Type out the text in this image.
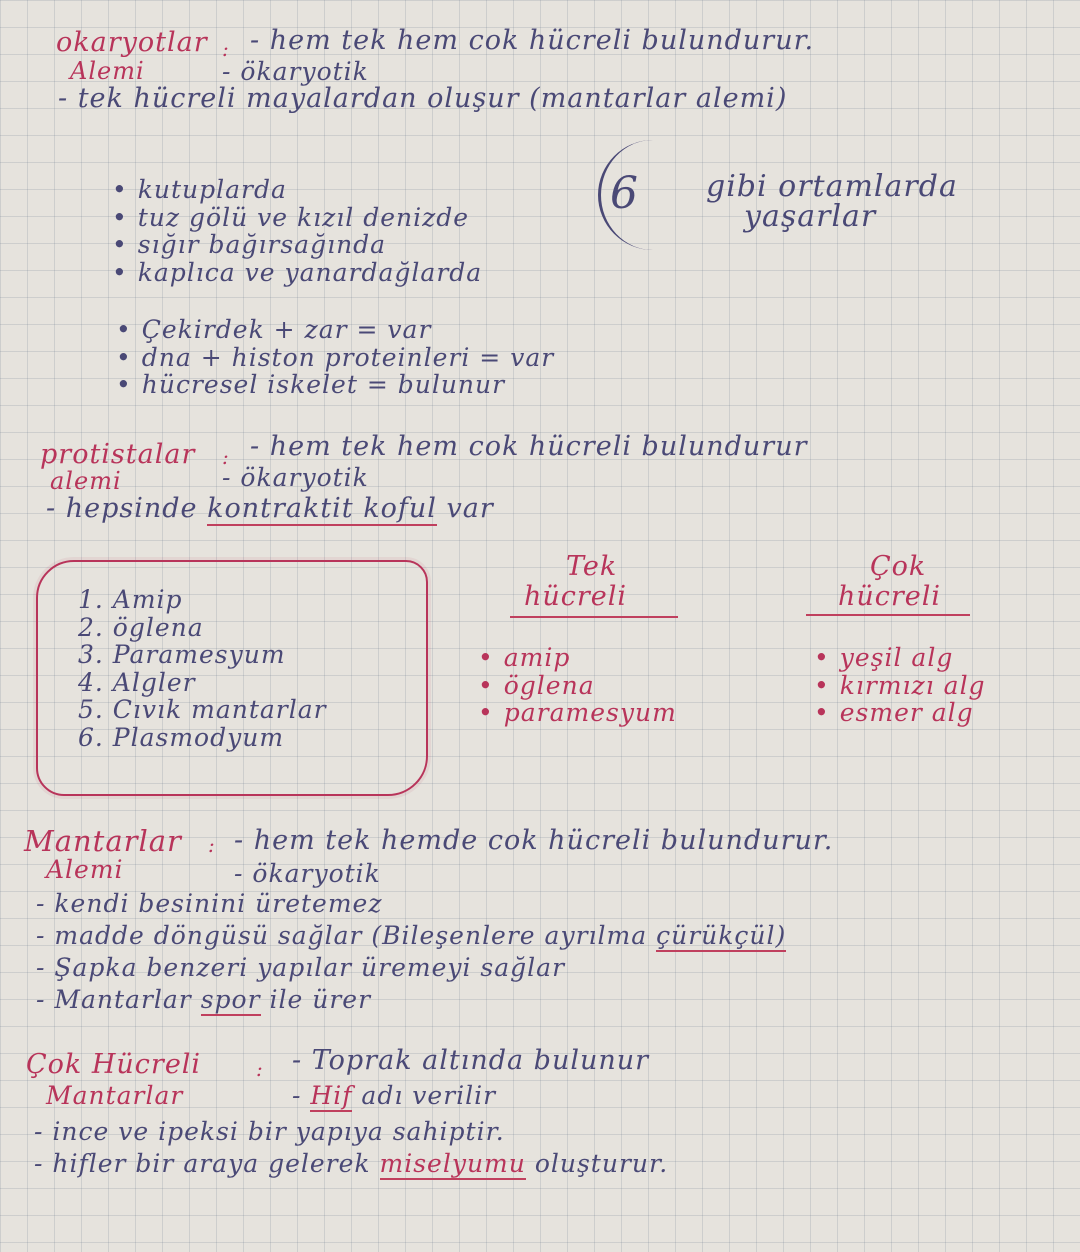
okaryotlar
Alemi
: - hem tek hem cok hücreli bulundurur.
- ökaryotik
- tek hücreli mayalardan oluşur (mantarlar alemi)
• kutuplarda
• tuz gölü ve kızıl denizde
• sığır bağırsağında
• kaplıca ve yanardağlarda
6 gibi ortamlarda
yaşarlar
• Çekirdek + zar = var
• dna + histon proteinleri = var
• hücresel iskelet = bulunur
protistalar
alemi
: - hem tek hem cok hücreli bulundurur
- ökaryotik
- hepsinde kontraktit koful var
1. Amip
2. öglena
3. Paramesyum
4. Algler
5. Cıvık mantarlar
6. Plasmodyum
Tek
hücreli
• amip
• öglena
• paramesyum
Çok
hücreli
• yeşil alg
• kırmızı alg
• esmer alg
Mantarlar
Alemi
: - hem tek hemde cok hücreli bulundurur.
- ökaryotik
- kendi besinini üretemez
- madde döngüsü sağlar (Bileşenlere ayrılma çürükçül)
- Şapka benzeri yapılar üremeyi sağlar
- Mantarlar spor ile ürer
Çok Hücreli
Mantarlar
: - Toprak altında bulunur
- Hif adı verilir
- ince ve ipeksi bir yapıya sahiptir.
- hifler bir araya gelerek miselyumu oluşturur.
